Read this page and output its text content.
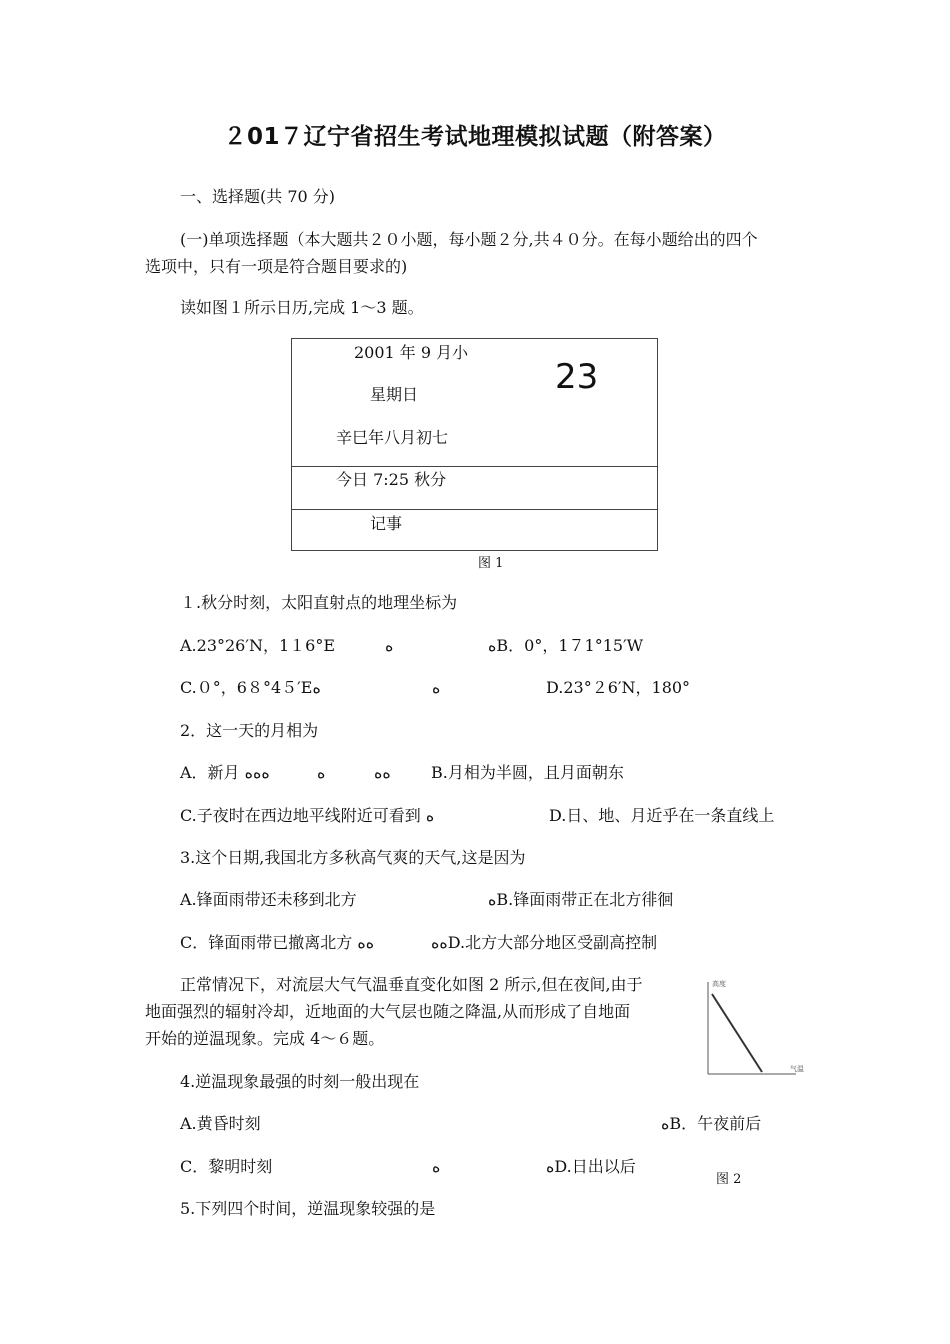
２01７辽宁省招生考试地理模拟试题（附答案）
一、选择题(共 70 分)
(一)单项选择题（本大题共２０小题，每小题２分,共４０分。在每小题给出的四个
选项中，只有一项是符合题目要求的)
读如图１所示日历,完成 1～3 题。
2001 年 9 月小
23
星期日
辛巳年八月初七
今日 7:25 秋分
记事
图 1
１.秋分时刻，太阳直射点的地理坐标为
A.23°26′N，1１6°E	ە	ەB．0°，1７1°15′W
C.０°，6８°4５′Eە	ە	D.23°２6′N，180°
2．这一天的月相为
A．新月 ەەە	ە	ەە	B.月相为半圆，且月面朝东
C.子夜时在西边地平线附近可看到 ە	D.日、地、月近乎在一条直线上
3.这个日期,我国北方多秋高气爽的天气,这是因为
A.锋面雨带还未移到北方	ەB.锋面雨带正在北方徘徊
C．锋面雨带已撤离北方 ەە	ەەD.北方大部分地区受副高控制
正常情况下，对流层大气气温垂直变化如图 2 所示,但在夜间,由于
地面强烈的辐射冷却，近地面的大气层也随之降温,从而形成了自地面
开始的逆温现象。完成 4～６题。
高度
气温
图 2
4.逆温现象最强的时刻一般出现在
A.黄昏时刻	ەB．午夜前后
C．黎明时刻	ە	ەD.日出以后
5.下列四个时间，逆温现象较强的是
